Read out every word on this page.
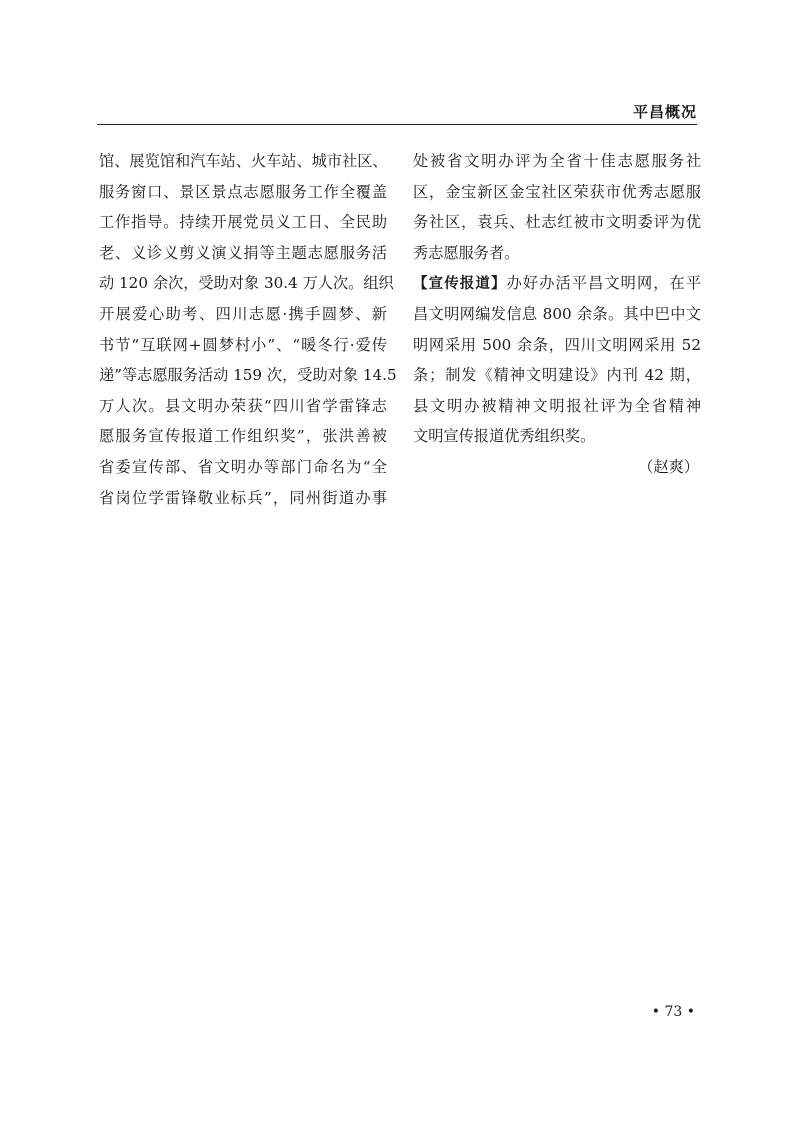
平昌概况
馆、展览馆和汽车站、火车站、城市社区、
服务窗口、景区景点志愿服务工作全覆盖
工作指导。持续开展党员义工日、全民助
老、义诊义剪义演义捐等主题志愿服务活
动 120 余次，受助对象 30.4 万人次。组织
开展爱心助考、四川志愿·携手圆梦、新
书节“互联网+圆梦村小”、“暖冬行·爱传
递”等志愿服务活动 159 次，受助对象 14.5
万人次。县文明办荣获“四川省学雷锋志
愿服务宣传报道工作组织奖”，张洪善被
省委宣传部、省文明办等部门命名为“全
省岗位学雷锋敬业标兵”，同州街道办事
处被省文明办评为全省十佳志愿服务社
区，金宝新区金宝社区荣获市优秀志愿服
务社区，袁兵、杜志红被市文明委评为优
秀志愿服务者。
【宣传报道】办好办活平昌文明网，在平
昌文明网编发信息 800 余条。其中巴中文
明网采用 500 余条，四川文明网采用 52
条；制发《精神文明建设》内刊 42 期，
县文明办被精神文明报社评为全省精神
文明宣传报道优秀组织奖。
（赵爽）
• 73 •
